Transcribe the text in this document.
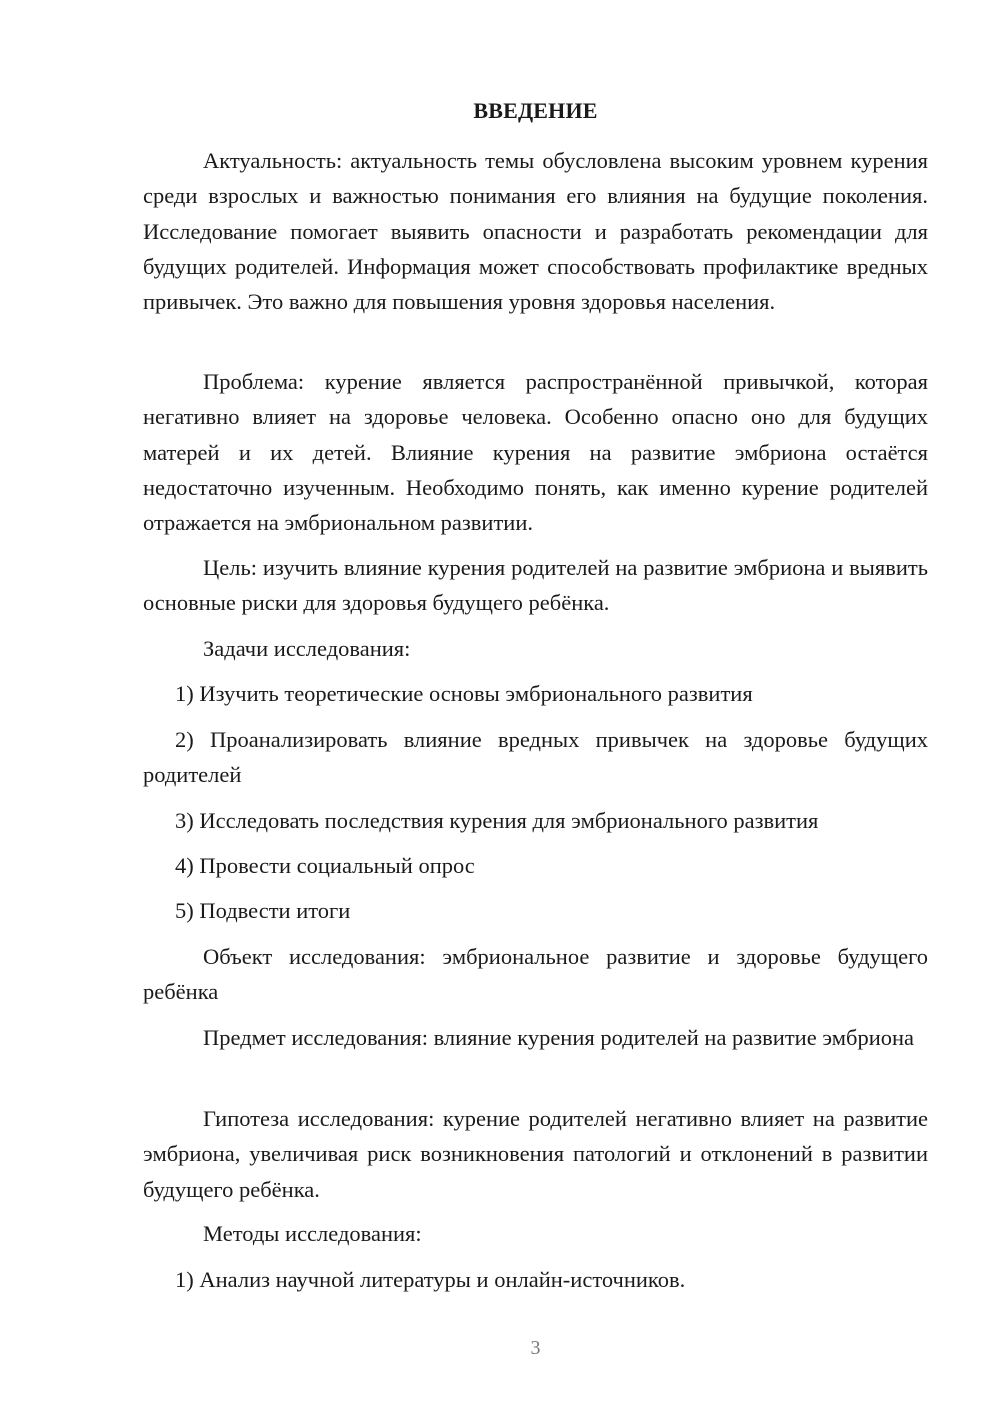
ВВЕДЕНИЕ

Актуальность: актуальность темы обусловлена высоким уровнем курения среди взрослых и важностью понимания его влияния на будущие поколения. Исследование помогает выявить опасности и разработать рекомендации для будущих родителей. Информация может способствовать профилактике вредных привычек. Это важно для повышения уровня здоровья населения.

Проблема: курение является распространённой привычкой, которая негативно влияет на здоровье человека. Особенно опасно оно для будущих матерей и их детей. Влияние курения на развитие эмбриона остаётся недостаточно изученным. Необходимо понять, как именно курение родителей отражается на эмбриональном развитии.

Цель: изучить влияние курения родителей на развитие эмбриона и выявить основные риски для здоровья будущего ребёнка.

Задачи исследования:

1) Изучить теоретические основы эмбрионального развития

2) Проанализировать влияние вредных привычек на здоровье будущих родителей

3) Исследовать последствия курения для эмбрионального развития

4) Провести социальный опрос

5) Подвести итоги

Объект исследования: эмбриональное развитие и здоровье будущего ребёнка

Предмет исследования: влияние курения родителей на развитие эмбриона

Гипотеза исследования: курение родителей негативно влияет на развитие эмбриона, увеличивая риск возникновения патологий и отклонений в развитии будущего ребёнка.

Методы исследования:

1) Анализ научной литературы и онлайн-источников.

3
